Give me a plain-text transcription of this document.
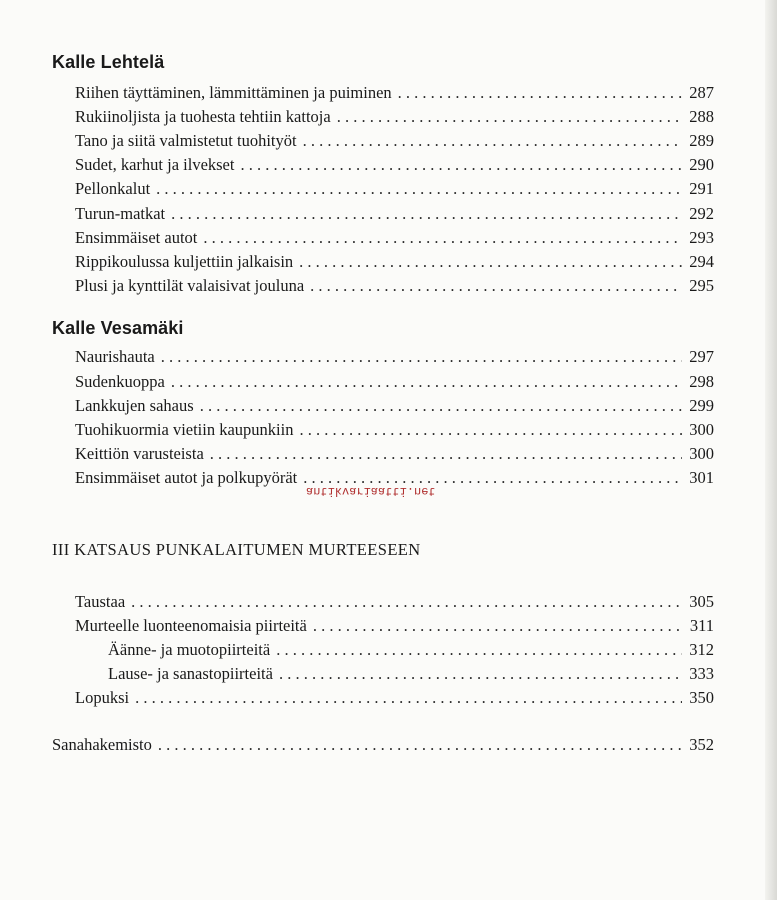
Kalle Lehtelä
Riihen täyttäminen, lämmittäminen ja puiminen . . .	287
Rukiinoljista ja tuohesta tehtiin kattoja . . .	288
Tano ja siitä valmistetut tuohityöt . . .	289
Sudet, karhut ja ilvekset . . .	290
Pellonkalut . . .	291
Turun-matkat . . .	292
Ensimmäiset autot . . .	293
Rippikoulussa kuljettiin jalkaisin . . .	294
Plusi ja kynttilät valaisivat jouluna . . .	295
Kalle Vesamäki
Naurishauta . . .	297
Sudenkuoppa . . .	298
Lankkujen sahaus . . .	299
Tuohikuormia vietiin kaupunkiin . . .	300
Keittiön varusteista . . .	300
Ensimmäiset autot ja polkupyörät . . .	301
antikvariaatti.net
III KATSAUS PUNKALAITUMEN MURTEESEEN
Taustaa . . .	305
Murteelle luonteenomaisia piirteitä . . .	311
Äänne- ja muotopiirteitä . . .	312
Lause- ja sanastopiirteitä . . .	333
Lopuksi . . .	350
Sanahakemisto . . .	352
